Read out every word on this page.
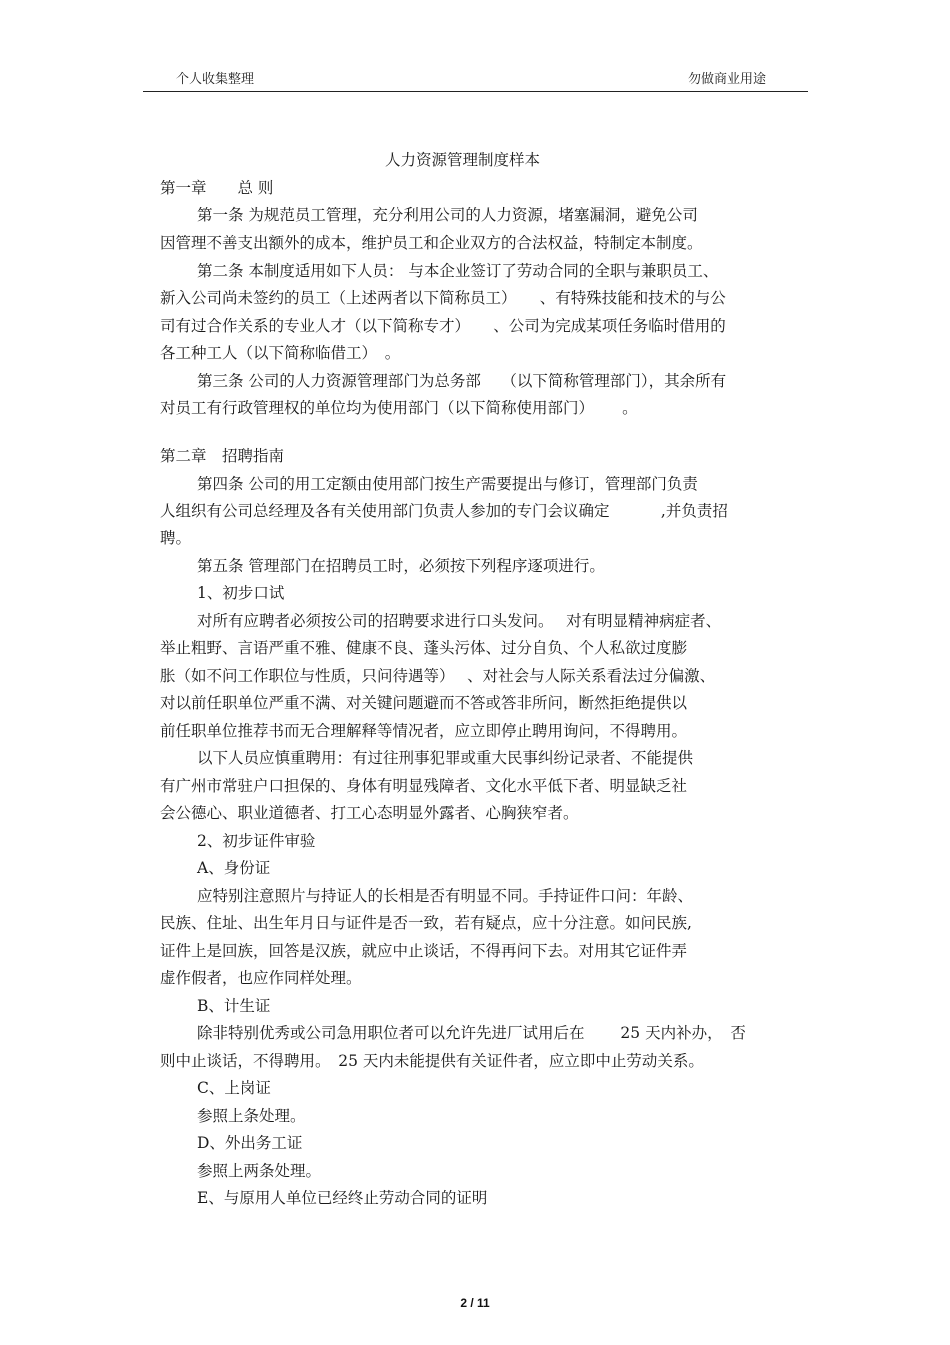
个人收集整理	勿做商业用途
人力资源管理制度样本
第一章　　总 则
第一条 为规范员工管理，充分利用公司的人力资源，堵塞漏洞，避免公司
因管理不善支出额外的成本，维护员工和企业双方的合法权益，特制定本制度。
第二条 本制度适用如下人员： 与本企业签订了劳动合同的全职与兼职员工、
新入公司尚未签约的员工（上述两者以下简称员工）　　、有特殊技能和技术的与公
司有过合作关系的专业人才（以下简称专才）　　、公司为完成某项任务临时借用的
各工种工人（以下简称临借工）　。
第三条 公司的人力资源管理部门为总务部　 （以下简称管理部门），其余所有
对员工有行政管理权的单位均为使用部门（以下简称使用部门）　　 。
第二章　招聘指南
第四条 公司的用工定额由使用部门按生产需要提出与修订，管理部门负责
人组织有公司总经理及各有关使用部门负责人参加的专门会议确定　　　 ,并负责招
聘。
第五条 管理部门在招聘员工时，必须按下列程序逐项进行。
1、初步口试
对所有应聘者必须按公司的招聘要求进行口头发问。　 对有明显精神病症者、
举止粗野、言语严重不雅、健康不良、蓬头污体、过分自负、个人私欲过度膨
胀（如不问工作职位与性质，只问待遇等）　 、对社会与人际关系看法过分偏激、
对以前任职单位严重不满、对关键问题避而不答或答非所问，断然拒绝提供以
前任职单位推荐书而无合理解释等情况者，应立即停止聘用询问，不得聘用。
以下人员应慎重聘用：有过往刑事犯罪或重大民事纠纷记录者、不能提供
有广州市常驻户口担保的、身体有明显残障者、文化水平低下者、明显缺乏社
会公德心、职业道德者、打工心态明显外露者、心胸狭窄者。
2、初步证件审验
A、身份证
应特别注意照片与持证人的长相是否有明显不同。手持证件口问：年龄、
民族、住址、出生年月日与证件是否一致，若有疑点，应十分注意。如问民族,
证件上是回族，回答是汉族，就应中止谈话，不得再问下去。对用其它证件弄
虚作假者，也应作同样处理。
B、计生证
除非特别优秀或公司急用职位者可以允许先进厂试用后在　　 25 天内补办，　否
则中止谈话，不得聘用。　25 天内未能提供有关证件者，应立即中止劳动关系。
C、上岗证
参照上条处理。
D、外出务工证
参照上两条处理。
E、与原用人单位已经终止劳动合同的证明
2 / 11
